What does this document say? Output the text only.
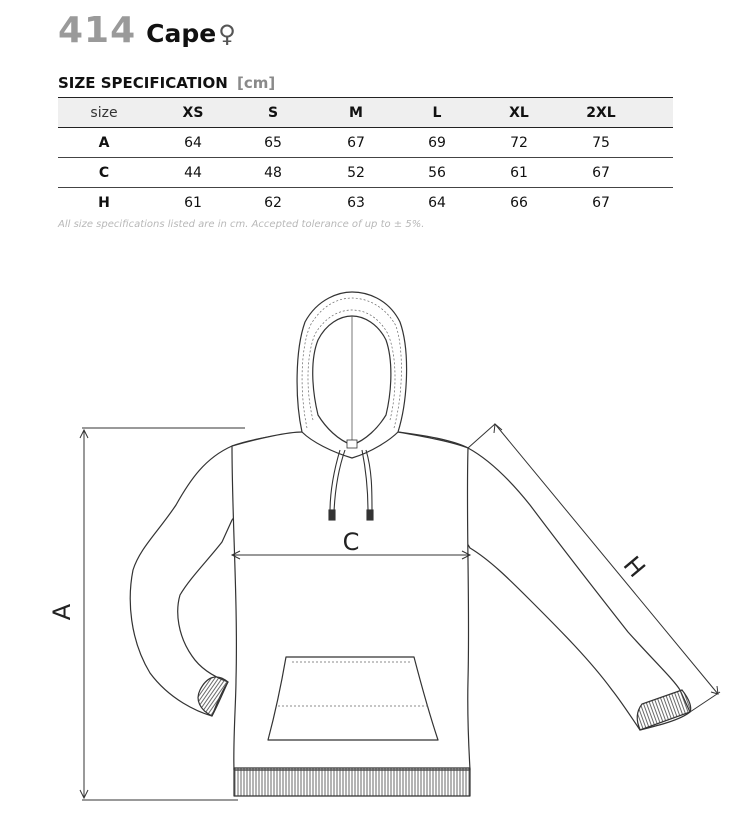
414 Cape ♀
SIZE SPECIFICATION [cm]
size	XS	S	M	L	XL	2XL	
A	64	65	67	69	72	75	
C	44	48	52	56	61	67	
H	61	62	63	64	66	67	
All size specifications listed are in cm. Accepted tolerance of up to ± 5%.
A
C
H
